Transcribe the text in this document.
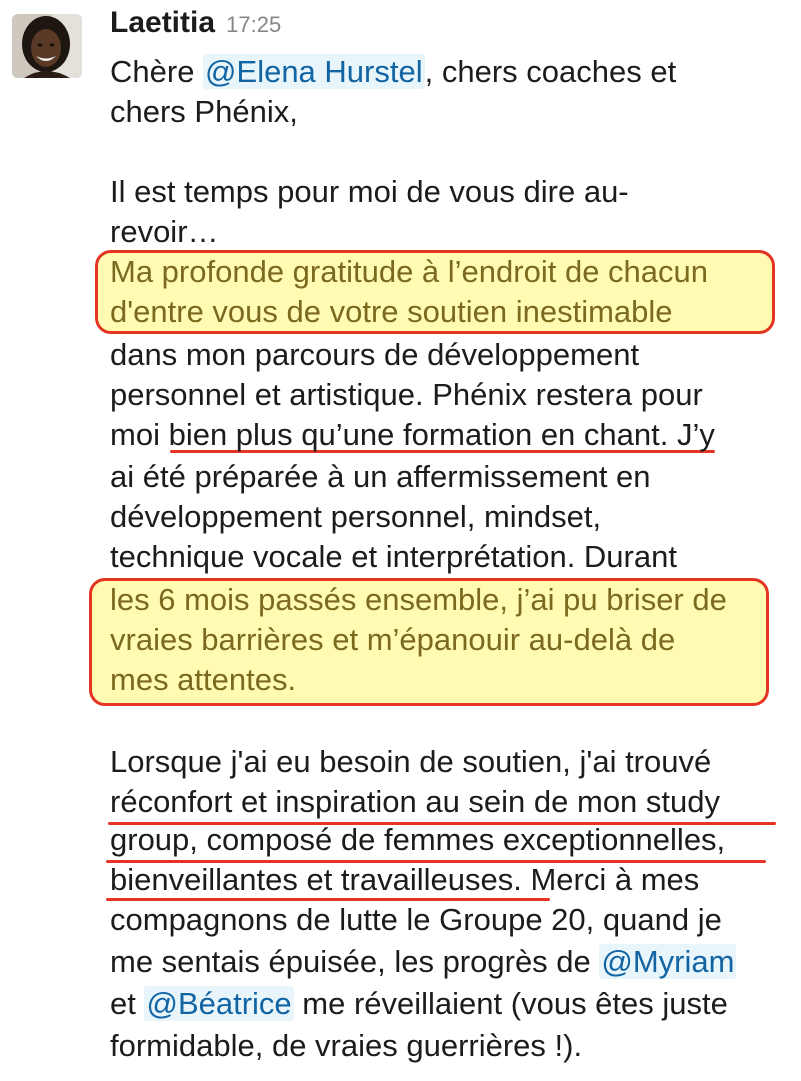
Laetitia 17:25
Chère @Elena Hurstel, chers coaches et
chers Phénix,
Il est temps pour moi de vous dire au-
revoir…
Ma profonde gratitude à l’endroit de chacun
d'entre vous de votre soutien inestimable
dans mon parcours de développement
personnel et artistique. Phénix restera pour
moi bien plus qu’une formation en chant. J’y
ai été préparée à un affermissement en
développement personnel, mindset,
technique vocale et interprétation. Durant
les 6 mois passés ensemble, j’ai pu briser de
vraies barrières et m’épanouir au-delà de
mes attentes.
Lorsque j'ai eu besoin de soutien, j'ai trouvé
réconfort et inspiration au sein de mon study
group, composé de femmes exceptionnelles,
bienveillantes et travailleuses. Merci à mes
compagnons de lutte le Groupe 20, quand je
me sentais épuisée, les progrès de @Myriam
et @Béatrice me réveillaient (vous êtes juste
formidable, de vraies guerrières !).
